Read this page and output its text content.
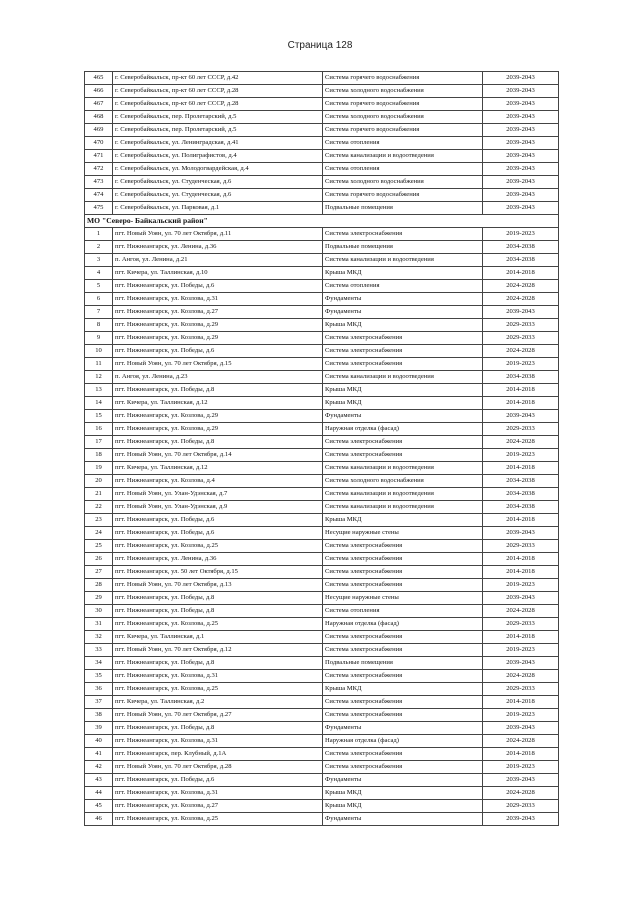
Страница 128
465	г. Северобайкальск, пр-кт 60 лет СССР, д.42	Система горячего водоснабжения	2039-2043
466	г. Северобайкальск, пр-кт 60 лет СССР, д.28	Система холодного водоснабжения	2039-2043
467	г. Северобайкальск, пр-кт 60 лет СССР, д.28	Система горячего водоснабжения	2039-2043
468	г. Северобайкальск, пер. Пролетарский, д.5	Система холодного водоснабжения	2039-2043
469	г. Северобайкальск, пер. Пролетарский, д.5	Система горячего водоснабжения	2039-2043
470	г. Северобайкальск, ул. Ленинградская, д.41	Система отопления	2039-2043
471	г. Северобайкальск, ул. Полиграфистов, д.4	Система канализации и водоотведения	2039-2043
472	г. Северобайкальск, ул. Молодогвардейская, д.4	Система отопления	2039-2043
473	г. Северобайкальск, ул. Студенческая, д.6	Система холодного водоснабжения	2039-2043
474	г. Северобайкальск, ул. Студенческая, д.6	Система горячего водоснабжения	2039-2043
475	г. Северобайкальск, ул. Парковая, д.1	Подвальные помещения	2039-2043
МО "Северо- Байкальский район"			
1	пгт. Новый Уоян, ул. 70 лет Октября, д.11	Система электроснабжения	2019-2023
2	пгт. Нижнеангарск, ул. Ленина, д.36	Подвальные помещения	2034-2038
3	п. Ангоя, ул. Ленина, д.21	Система канализации и водоотведения	2034-2038
4	пгт. Кичера, ул. Таллинская, д.10	Крыша МКД	2014-2018
5	пгт. Нижнеангарск, ул. Победы, д.6	Система отопления	2024-2028
6	пгт. Нижнеангарск, ул. Козлова, д.31	Фундаменты	2024-2028
7	пгт. Нижнеангарск, ул. Козлова, д.27	Фундаменты	2039-2043
8	пгт. Нижнеангарск, ул. Козлова, д.29	Крыша МКД	2029-2033
9	пгт. Нижнеангарск, ул. Козлова, д.29	Система электроснабжения	2029-2033
10	пгт. Нижнеангарск, ул. Победы, д.6	Система электроснабжения	2024-2028
11	пгт. Новый Уоян, ул. 70 лет Октября, д.15	Система электроснабжения	2019-2023
12	п. Ангоя, ул. Ленина, д.23	Система канализации и водоотведения	2034-2038
13	пгт. Нижнеангарск, ул. Победы, д.8	Крыша МКД	2014-2018
14	пгт. Кичера, ул. Таллинская, д.12	Крыша МКД	2014-2018
15	пгт. Нижнеангарск, ул. Козлова, д.29	Фундаменты	2039-2043
16	пгт. Нижнеангарск, ул. Козлова, д.29	Наружная отделка (фасад)	2029-2033
17	пгт. Нижнеангарск, ул. Победы, д.8	Система электроснабжения	2024-2028
18	пгт. Новый Уоян, ул. 70 лет Октября, д.14	Система электроснабжения	2019-2023
19	пгт. Кичера, ул. Таллинская, д.12	Система канализации и водоотведения	2014-2018
20	пгт. Нижнеангарск, ул. Козлова, д.4	Система холодного водоснабжения	2034-2038
21	пгт. Новый Уоян, ул. Улан-Удэнская, д.7	Система канализации и водоотведения	2034-2038
22	пгт. Новый Уоян, ул. Улан-Удэнская, д.9	Система канализации и водоотведения	2034-2038
23	пгт. Нижнеангарск, ул. Победы, д.6	Крыша МКД	2014-2018
24	пгт. Нижнеангарск, ул. Победы, д.6	Несущие наружные стены	2039-2043
25	пгт. Нижнеангарск, ул. Козлова, д.25	Система электроснабжения	2029-2033
26	пгт. Нижнеангарск, ул. Ленина, д.36	Система электроснабжения	2014-2018
27	пгт. Нижнеангарск, ул. 50 лет Октября, д.15	Система электроснабжения	2014-2018
28	пгт. Новый Уоян, ул. 70 лет Октября, д.13	Система электроснабжения	2019-2023
29	пгт. Нижнеангарск, ул. Победы, д.8	Несущие наружные стены	2039-2043
30	пгт. Нижнеангарск, ул. Победы, д.8	Система отопления	2024-2028
31	пгт. Нижнеангарск, ул. Козлова, д.25	Наружная отделка (фасад)	2029-2033
32	пгт. Кичера, ул. Таллинская, д.1	Система электроснабжения	2014-2018
33	пгт. Новый Уоян, ул. 70 лет Октября, д.12	Система электроснабжения	2019-2023
34	пгт. Нижнеангарск, ул. Победы, д.8	Подвальные помещения	2039-2043
35	пгт. Нижнеангарск, ул. Козлова, д.31	Система электроснабжения	2024-2028
36	пгт. Нижнеангарск, ул. Козлова, д.25	Крыша МКД	2029-2033
37	пгт. Кичера, ул. Таллинская, д.2	Система электроснабжения	2014-2018
38	пгт. Новый Уоян, ул. 70 лет Октября, д.27	Система электроснабжения	2019-2023
39	пгт. Нижнеангарск, ул. Победы, д.8	Фундаменты	2039-2043
40	пгт. Нижнеангарск, ул. Козлова, д.31	Наружная отделка (фасад)	2024-2028
41	пгт. Нижнеангарск, пер. Клубный, д.1А	Система электроснабжения	2014-2018
42	пгт. Новый Уоян, ул. 70 лет Октября, д.28	Система электроснабжения	2019-2023
43	пгт. Нижнеангарск, ул. Победы, д.6	Фундаменты	2039-2043
44	пгт. Нижнеангарск, ул. Козлова, д.31	Крыша МКД	2024-2028
45	пгт. Нижнеангарск, ул. Козлова, д.27	Крыша МКД	2029-2033
46	пгт. Нижнеангарск, ул. Козлова, д.25	Фундаменты	2039-2043
